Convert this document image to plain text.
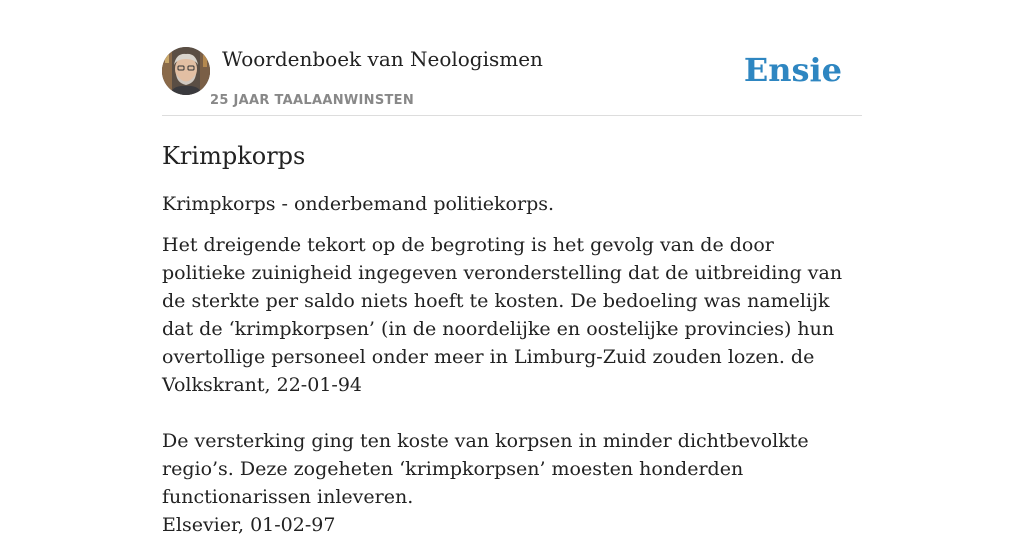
Woordenboek van Neologismen
25 JAAR TAALAANWINSTEN
Ensie
Krimpkorps

Krimpkorps - onderbemand politiekorps.

Het dreigende tekort op de begroting is het gevolg van de door politieke zuinigheid ingegeven veronderstelling dat de uitbreiding van de sterkte per saldo niets hoeft te kosten. De bedoeling was namelijk dat de ‘krimpkorpsen’ (in de noordelijke en oostelijke provincies) hun overtollige personeel onder meer in Limburg-Zuid zouden lozen. de Volkskrant, 22-01-94

De versterking ging ten koste van korpsen in minder dichtbevolkte regio’s. Deze zogeheten ‘krimpkorpsen’ moesten honderden functionarissen inleveren.
Elsevier, 01-02-97
